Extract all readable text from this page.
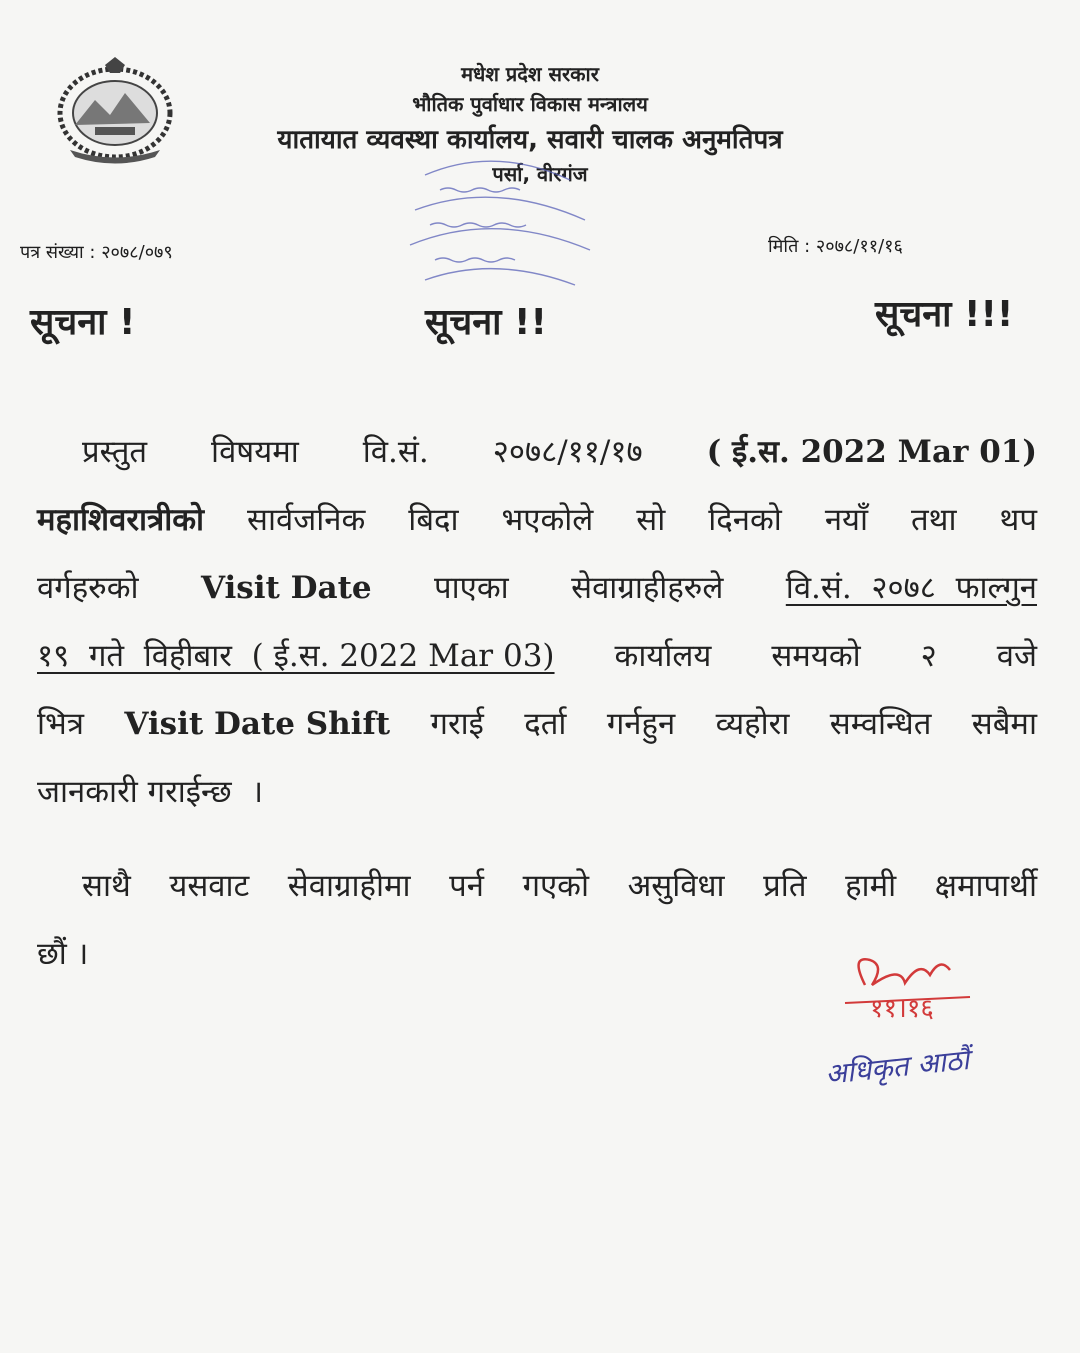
मधेश प्रदेश सरकार
भौतिक पुर्वाधार विकास मन्त्रालय
यातायात व्यवस्था कार्यालय, सवारी चालक अनुमतिपत्र
पर्सा, वीरगंज
पत्र संख्या : २०७८/०७९	मिति : २०७८/११/१६
सूचना !	सूचना !!	सूचना !!!
प्रस्तुत विषयमा वि.सं. २०७८/११/१७ ( ई.स. 2022 Mar 01)
महाशिवरात्रीको सार्वजनिक बिदा भएकोले सो दिनको नयाँ तथा थप
वर्गहरुको Visit Date पाएका सेवाग्राहीहरुले वि.सं.  २०७८  फाल्गुन
१९  गते  विहीबार  ( ई.स. 2022 Mar 03) कार्यालय समयको २ वजे
भित्र Visit Date Shift गराई दर्ता गर्नहुन व्यहोरा सम्वन्धित सबैमा
जानकारी गराईन्छ  ।
साथै यसवाट सेवाग्राहीमा पर्न गएको असुविधा प्रति हामी क्षमापार्थी
छौं ।
११।१६
अधिकृत आठौं
